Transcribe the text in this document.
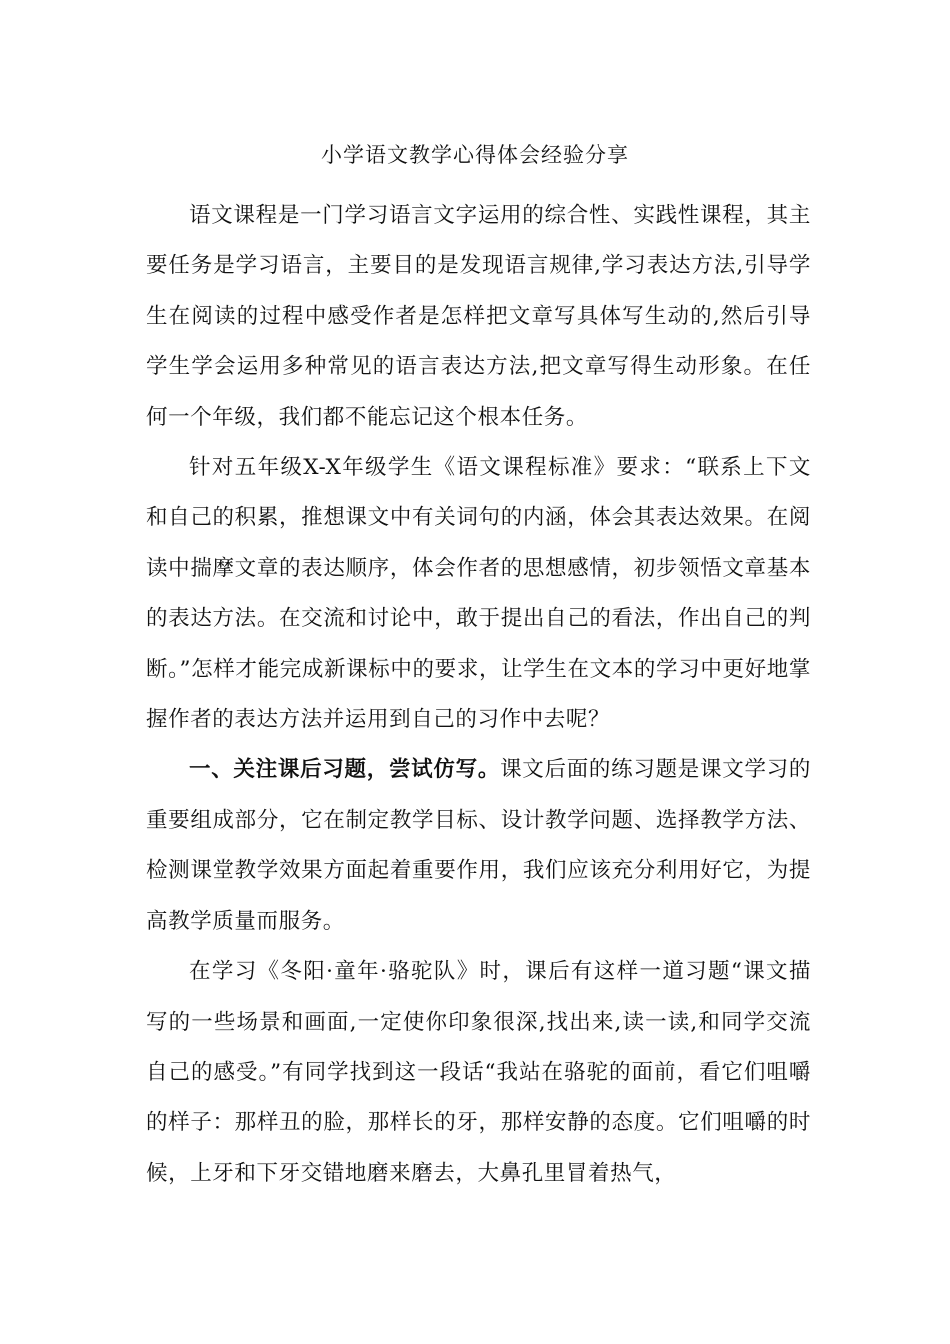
小学语文教学心得体会经验分享

语文课程是一门学习语言文字运用的综合性、实践性课程，其主要任务是学习语言，主要目的是发现语言规律,学习表达方法,引导学生在阅读的过程中感受作者是怎样把文章写具体写生动的,然后引导学生学会运用多种常见的语言表达方法,把文章写得生动形象。在任何一个年级，我们都不能忘记这个根本任务。

针对五年级X-X年级学生《语文课程标准》要求：“联系上下文和自己的积累，推想课文中有关词句的内涵，体会其表达效果。在阅读中揣摩文章的表达顺序，体会作者的思想感情，初步领悟文章基本的表达方法。在交流和讨论中，敢于提出自己的看法，作出自己的判断。”怎样才能完成新课标中的要求，让学生在文本的学习中更好地掌握作者的表达方法并运用到自己的习作中去呢？

一、关注课后习题，尝试仿写。课文后面的练习题是课文学习的重要组成部分，它在制定教学目标、设计教学问题、选择教学方法、检测课堂教学效果方面起着重要作用，我们应该充分利用好它，为提高教学质量而服务。

在学习《冬阳·童年·骆驼队》时，课后有这样一道习题“课文描写的一些场景和画面,一定使你印象很深,找出来,读一读,和同学交流自己的感受。”有同学找到这一段话“我站在骆驼的面前，看它们咀嚼的样子：那样丑的脸，那样长的牙，那样安静的态度。它们咀嚼的时候，上牙和下牙交错地磨来磨去，大鼻孔里冒着热气，
